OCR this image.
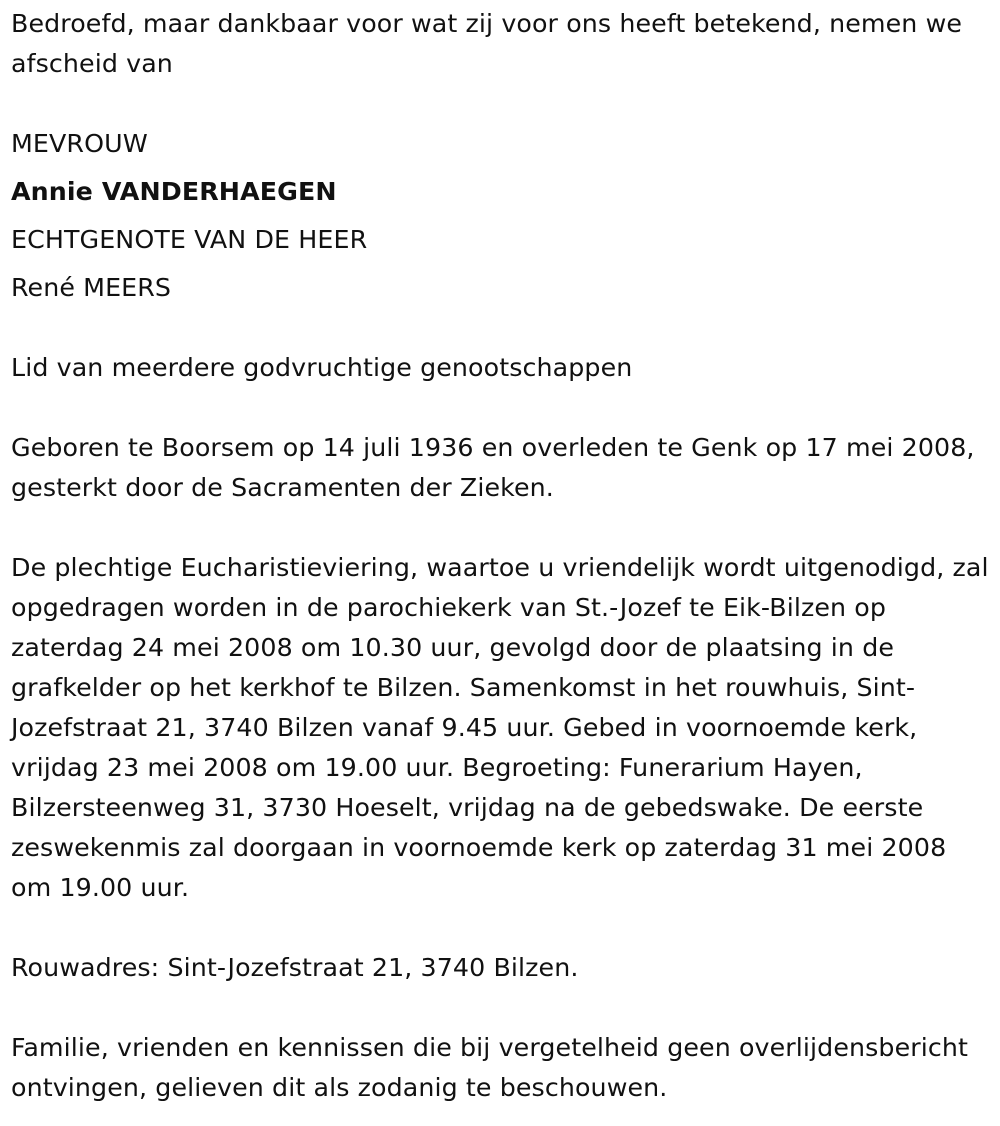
Bedroefd, maar dankbaar voor wat zij voor ons heeft betekend, nemen we afscheid van

MEVROUW

Annie VANDERHAEGEN

ECHTGENOTE VAN DE HEER

René MEERS

Lid van meerdere godvruchtige genootschappen

Geboren te Boorsem op 14 juli 1936 en overleden te Genk op 17 mei 2008, gesterkt door de Sacramenten der Zieken.

De plechtige Eucharistieviering, waartoe u vriendelijk wordt uitgenodigd, zal opgedragen worden in de parochiekerk van St.-Jozef te Eik-Bilzen op zaterdag 24 mei 2008 om 10.30 uur, gevolgd door de plaatsing in de grafkelder op het kerkhof te Bilzen. Samenkomst in het rouwhuis, Sint-Jozefstraat 21, 3740 Bilzen vanaf 9.45 uur. Gebed in voornoemde kerk, vrijdag 23 mei 2008 om 19.00 uur. Begroeting: Funerarium Hayen, Bilzersteenweg 31, 3730 Hoeselt, vrijdag na de gebedswake. De eerste zeswekenmis zal doorgaan in voornoemde kerk op zaterdag 31 mei 2008 om 19.00 uur.

Rouwadres: Sint-Jozefstraat 21, 3740 Bilzen.

Familie, vrienden en kennissen die bij vergetelheid geen overlijdensbericht ontvingen, gelieven dit als zodanig te beschouwen.
